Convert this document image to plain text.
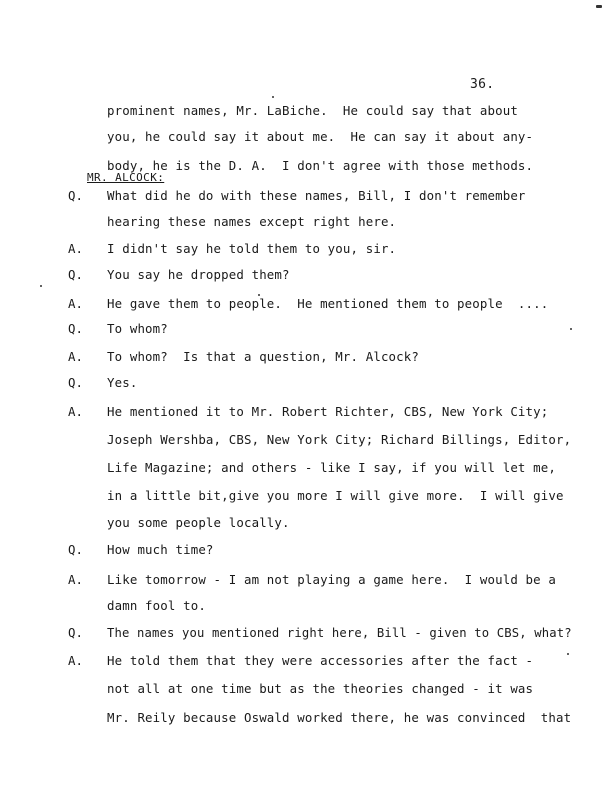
36.
MR. ALCOCK:
prominent names, Mr. LaBiche.  He could say that about
you, he could say it about me.  He can say it about any-
body, he is the D. A.  I don't agree with those methods.
Q. What did he do with these names, Bill, I don't remember
hearing these names except right here.
A. I didn't say he told them to you, sir.
Q. You say he dropped them?
A. He gave them to people.  He mentioned them to people  ....
Q. To whom?
A. To whom?  Is that a question, Mr. Alcock?
Q. Yes.
A. He mentioned it to Mr. Robert Richter, CBS, New York City;
Joseph Wershba, CBS, New York City; Richard Billings, Editor,
Life Magazine; and others - like I say, if you will let me,
in a little bit,give you more I will give more.  I will give
you some people locally.
Q. How much time?
A. Like tomorrow - I am not playing a game here.  I would be a
damn fool to.
Q. The names you mentioned right here, Bill - given to CBS, what?
A. He told them that they were accessories after the fact -
not all at one time but as the theories changed - it was
Mr. Reily because Oswald worked there, he was convinced  that
